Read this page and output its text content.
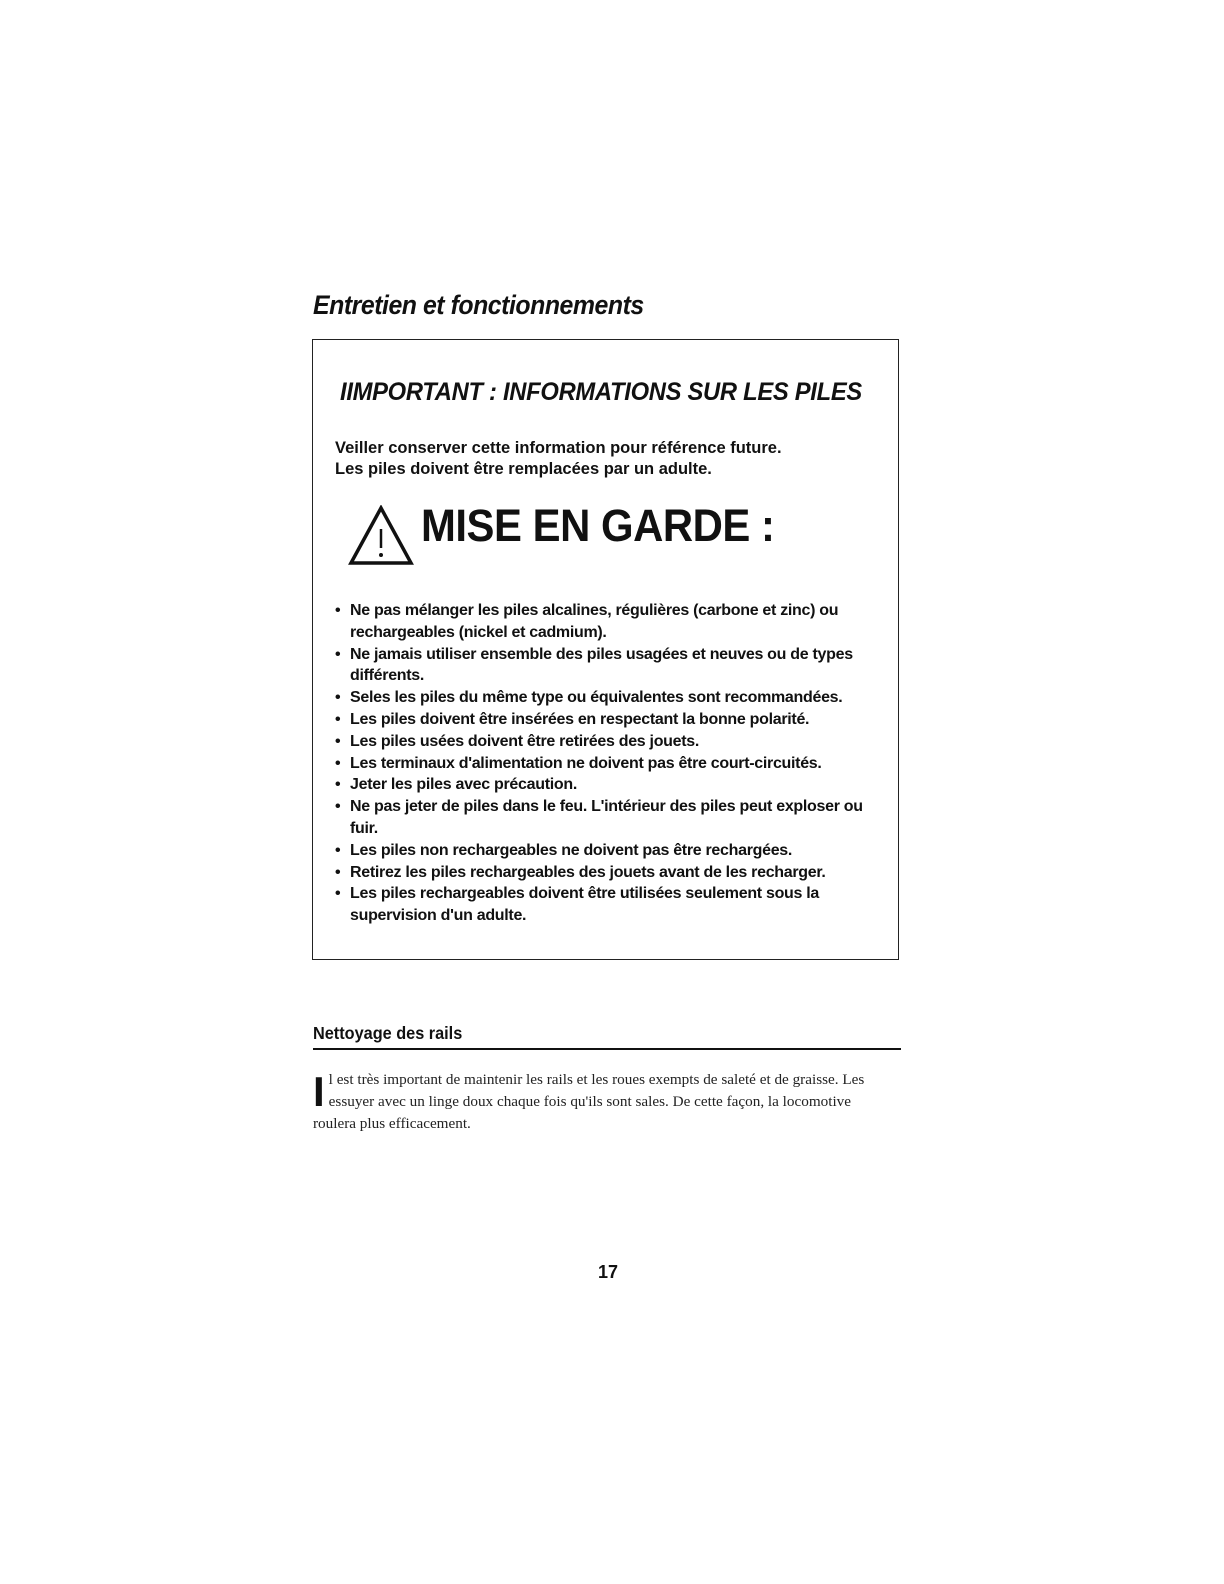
Entretien et fonctionnements
IIMPORTANT : INFORMATIONS SUR LES PILES

Veiller conserver cette information pour référence future.
Les piles doivent être remplacées par un adulte.

MISE EN GARDE :
• Ne pas mélanger les piles alcalines, régulières (carbone et zinc) ou rechargeables (nickel et cadmium).
• Ne jamais utiliser ensemble des piles usagées et neuves ou de types différents.
• Seles les piles du même type ou équivalentes sont recommandées.
• Les piles doivent être insérées en respectant la bonne polarité.
• Les piles usées doivent être retirées des jouets.
• Les terminaux d'alimentation ne doivent pas être court-circuités.
• Jeter les piles avec précaution.
• Ne pas jeter de piles dans le feu. L'intérieur des piles peut exploser ou fuir.
• Les piles non rechargeables ne doivent pas être rechargées.
• Retirez les piles rechargeables des jouets avant de les recharger.
• Les piles rechargeables doivent être utilisées seulement sous la supervision d'un adulte.
Nettoyage des rails

Il est très important de maintenir les rails et les roues exempts de saleté et de graisse. Les essuyer avec un linge doux chaque fois qu'ils sont sales. De cette façon, la locomotive roulera plus efficacement.

17
